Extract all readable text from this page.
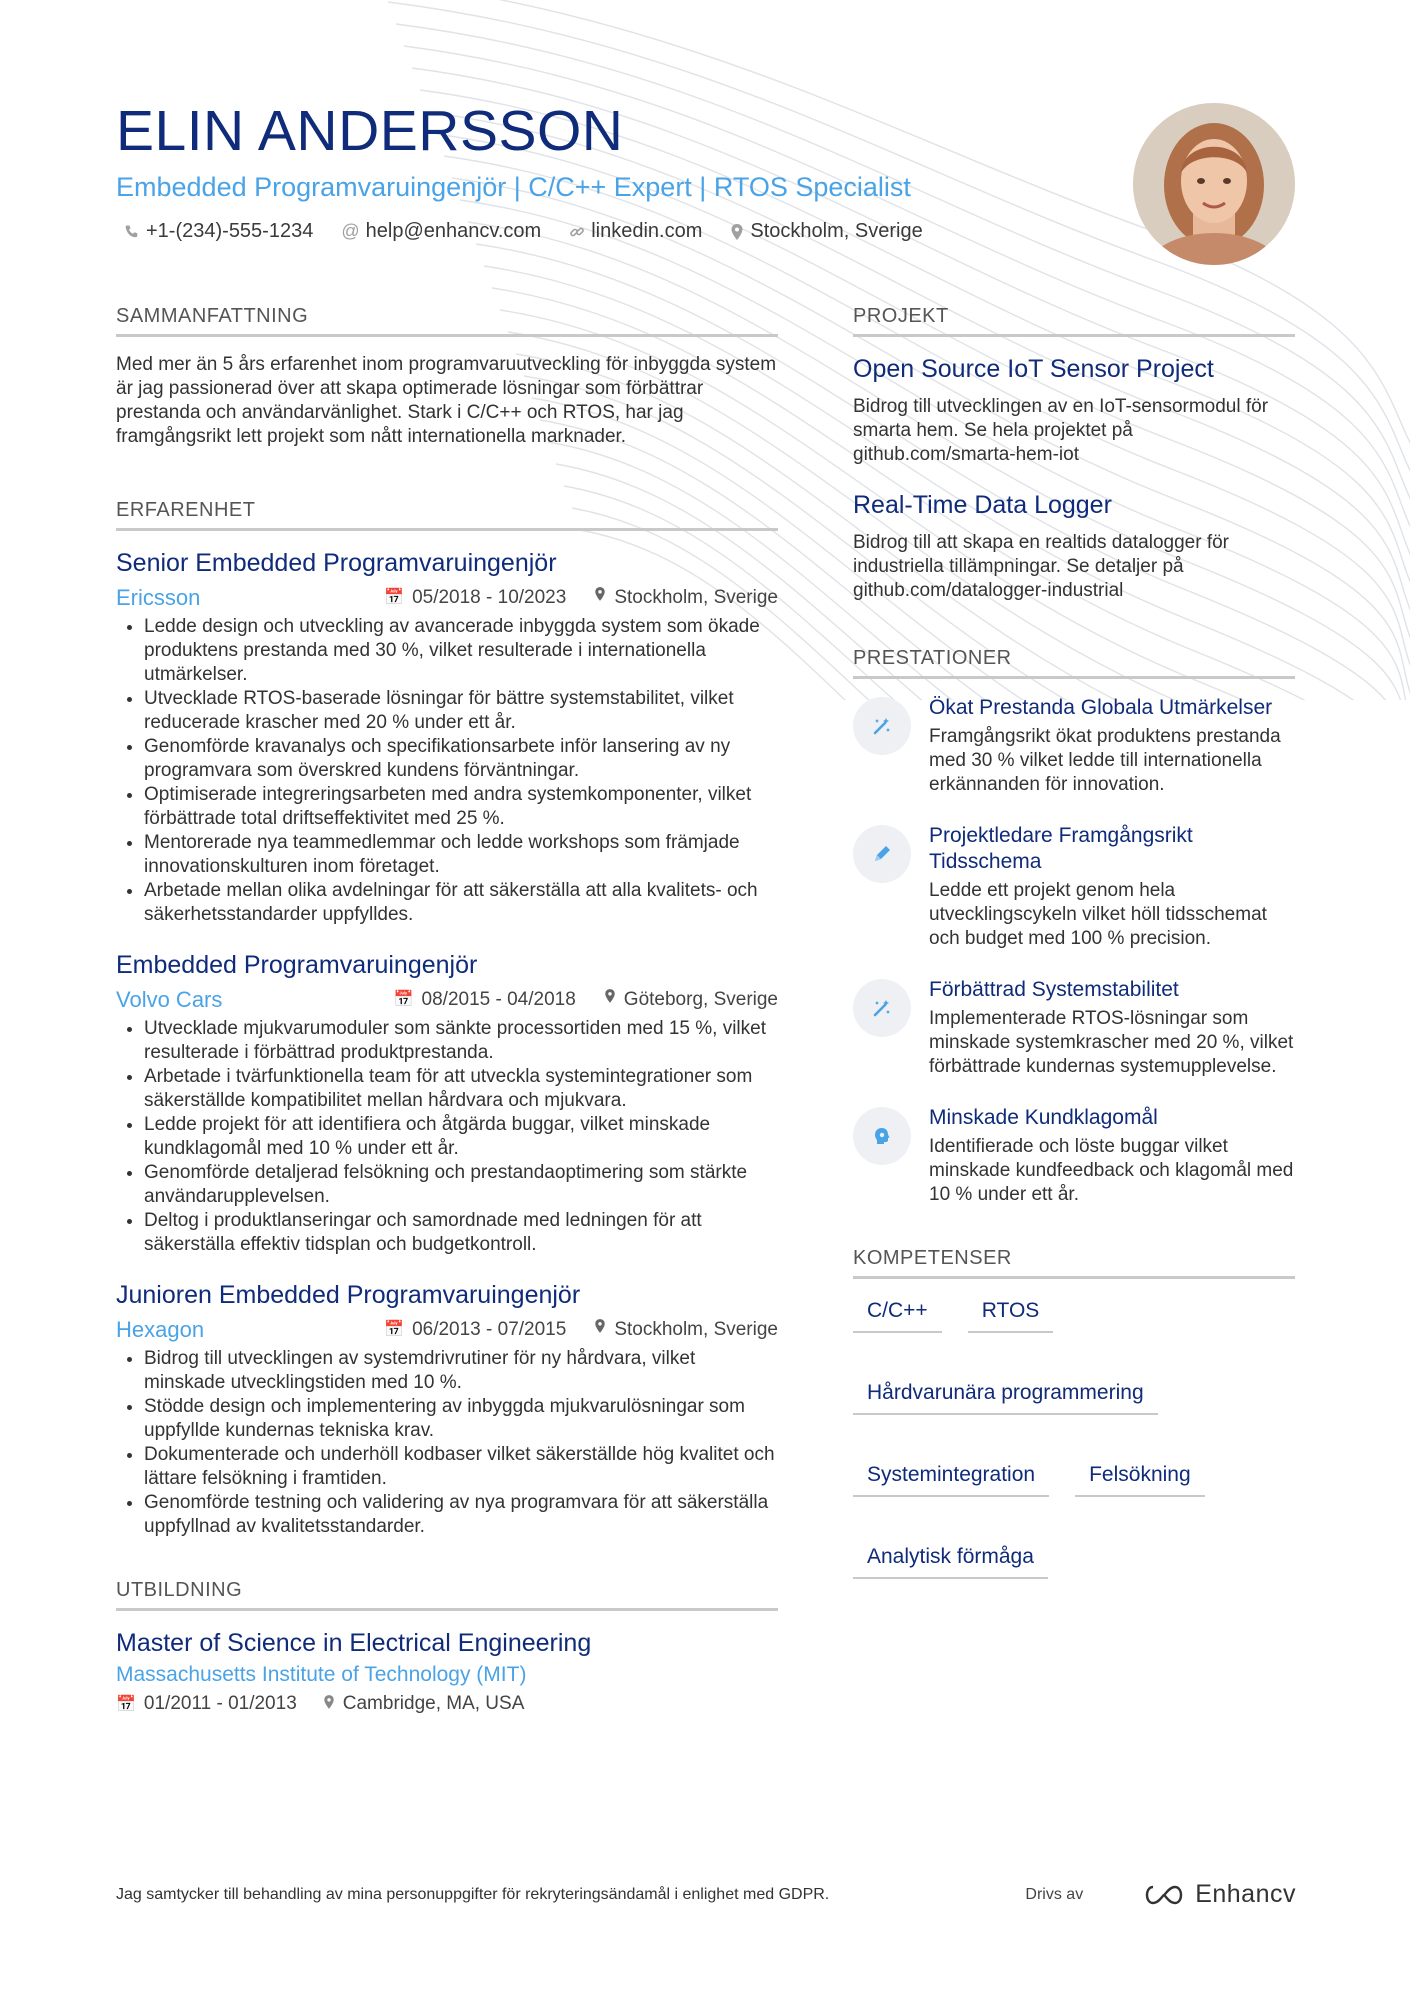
ELIN ANDERSSON
Embedded Programvaruingenjör | C/C++ Expert | RTOS Specialist
+1-(234)-555-1234 @ help@enhancv.com	linkedin.com Stockholm, Sverige
SAMMANFATTNING
Med mer än 5 års erfarenhet inom programvaruutveckling för inbyggda system är jag passionerad över att skapa optimerade lösningar som förbättrar prestanda och användarvänlighet. Stark i C/C++ och RTOS, har jag framgångsrikt lett projekt som nått internationella marknader.
ERFARENHET
Senior Embedded Programvaruingenjör
Ericsson	📅 05/2018 - 10/2023	Stockholm, Sverige
• Ledde design och utveckling av avancerade inbyggda system som ökade produktens prestanda med 30 %, vilket resulterade i internationella utmärkelser.
• Utvecklade RTOS-baserade lösningar för bättre systemstabilitet, vilket reducerade krascher med 20 % under ett år.
• Genomförde kravanalys och specifikationsarbete inför lansering av ny programvara som överskred kundens förväntningar.
• Optimiserade integreringsarbeten med andra systemkomponenter, vilket förbättrade total driftseffektivitet med 25 %.
• Mentorerade nya teammedlemmar och ledde workshops som främjade innovationskulturen inom företaget.
• Arbetade mellan olika avdelningar för att säkerställa att alla kvalitets- och säkerhetsstandarder uppfylldes.
Embedded Programvaruingenjör
Volvo Cars	📅 08/2015 - 04/2018	Göteborg, Sverige
• Utvecklade mjukvarumoduler som sänkte processortiden med 15 %, vilket resulterade i förbättrad produktprestanda.
• Arbetade i tvärfunktionella team för att utveckla systemintegrationer som säkerställde kompatibilitet mellan hårdvara och mjukvara.
• Ledde projekt för att identifiera och åtgärda buggar, vilket minskade kundklagomål med 10 % under ett år.
• Genomförde detaljerad felsökning och prestandaoptimering som stärkte användarupplevelsen.
• Deltog i produktlanseringar och samordnade med ledningen för att säkerställa effektiv tidsplan och budgetkontroll.
Junioren Embedded Programvaruingenjör
Hexagon	📅 06/2013 - 07/2015	Stockholm, Sverige
• Bidrog till utvecklingen av systemdrivrutiner för ny hårdvara, vilket minskade utvecklingstiden med 10 %.
• Stödde design och implementering av inbyggda mjukvarulösningar som uppfyllde kundernas tekniska krav.
• Dokumenterade och underhöll kodbaser vilket säkerställde hög kvalitet och lättare felsökning i framtiden.
• Genomförde testning och validering av nya programvara för att säkerställa uppfyllnad av kvalitetsstandarder.
UTBILDNING
Master of Science in Electrical Engineering
Massachusetts Institute of Technology (MIT)
📅 01/2011 - 01/2013 Cambridge, MA, USA
PROJEKT
Open Source IoT Sensor Project
Bidrog till utvecklingen av en IoT-sensormodul för smarta hem. Se hela projektet på github.com/smarta-hem-iot
Real-Time Data Logger
Bidrog till att skapa en realtids datalogger för industriella tillämpningar. Se detaljer på github.com/datalogger-industrial
PRESTATIONER
Ökat Prestanda Globala Utmärkelser
Framgångsrikt ökat produktens prestanda med 30 % vilket ledde till internationella erkännanden för innovation.
Projektledare Framgångsrikt Tidsschema
Ledde ett projekt genom hela utvecklingscykeln vilket höll tidsschemat och budget med 100 % precision.
Förbättrad Systemstabilitet
Implementerade RTOS-lösningar som minskade systemkrascher med 20 %, vilket förbättrade kundernas systemupplevelse.
Minskade Kundklagomål
Identifierade och löste buggar vilket minskade kundfeedback och klagomål med 10 % under ett år.
KOMPETENSER
C/C++	RTOS
Hårdvarunära programmering
Systemintegration	Felsökning
Analytisk förmåga
Jag samtycker till behandling av mina personuppgifter för rekryteringsändamål i enlighet med GDPR.	Drivs av	Enhancv
